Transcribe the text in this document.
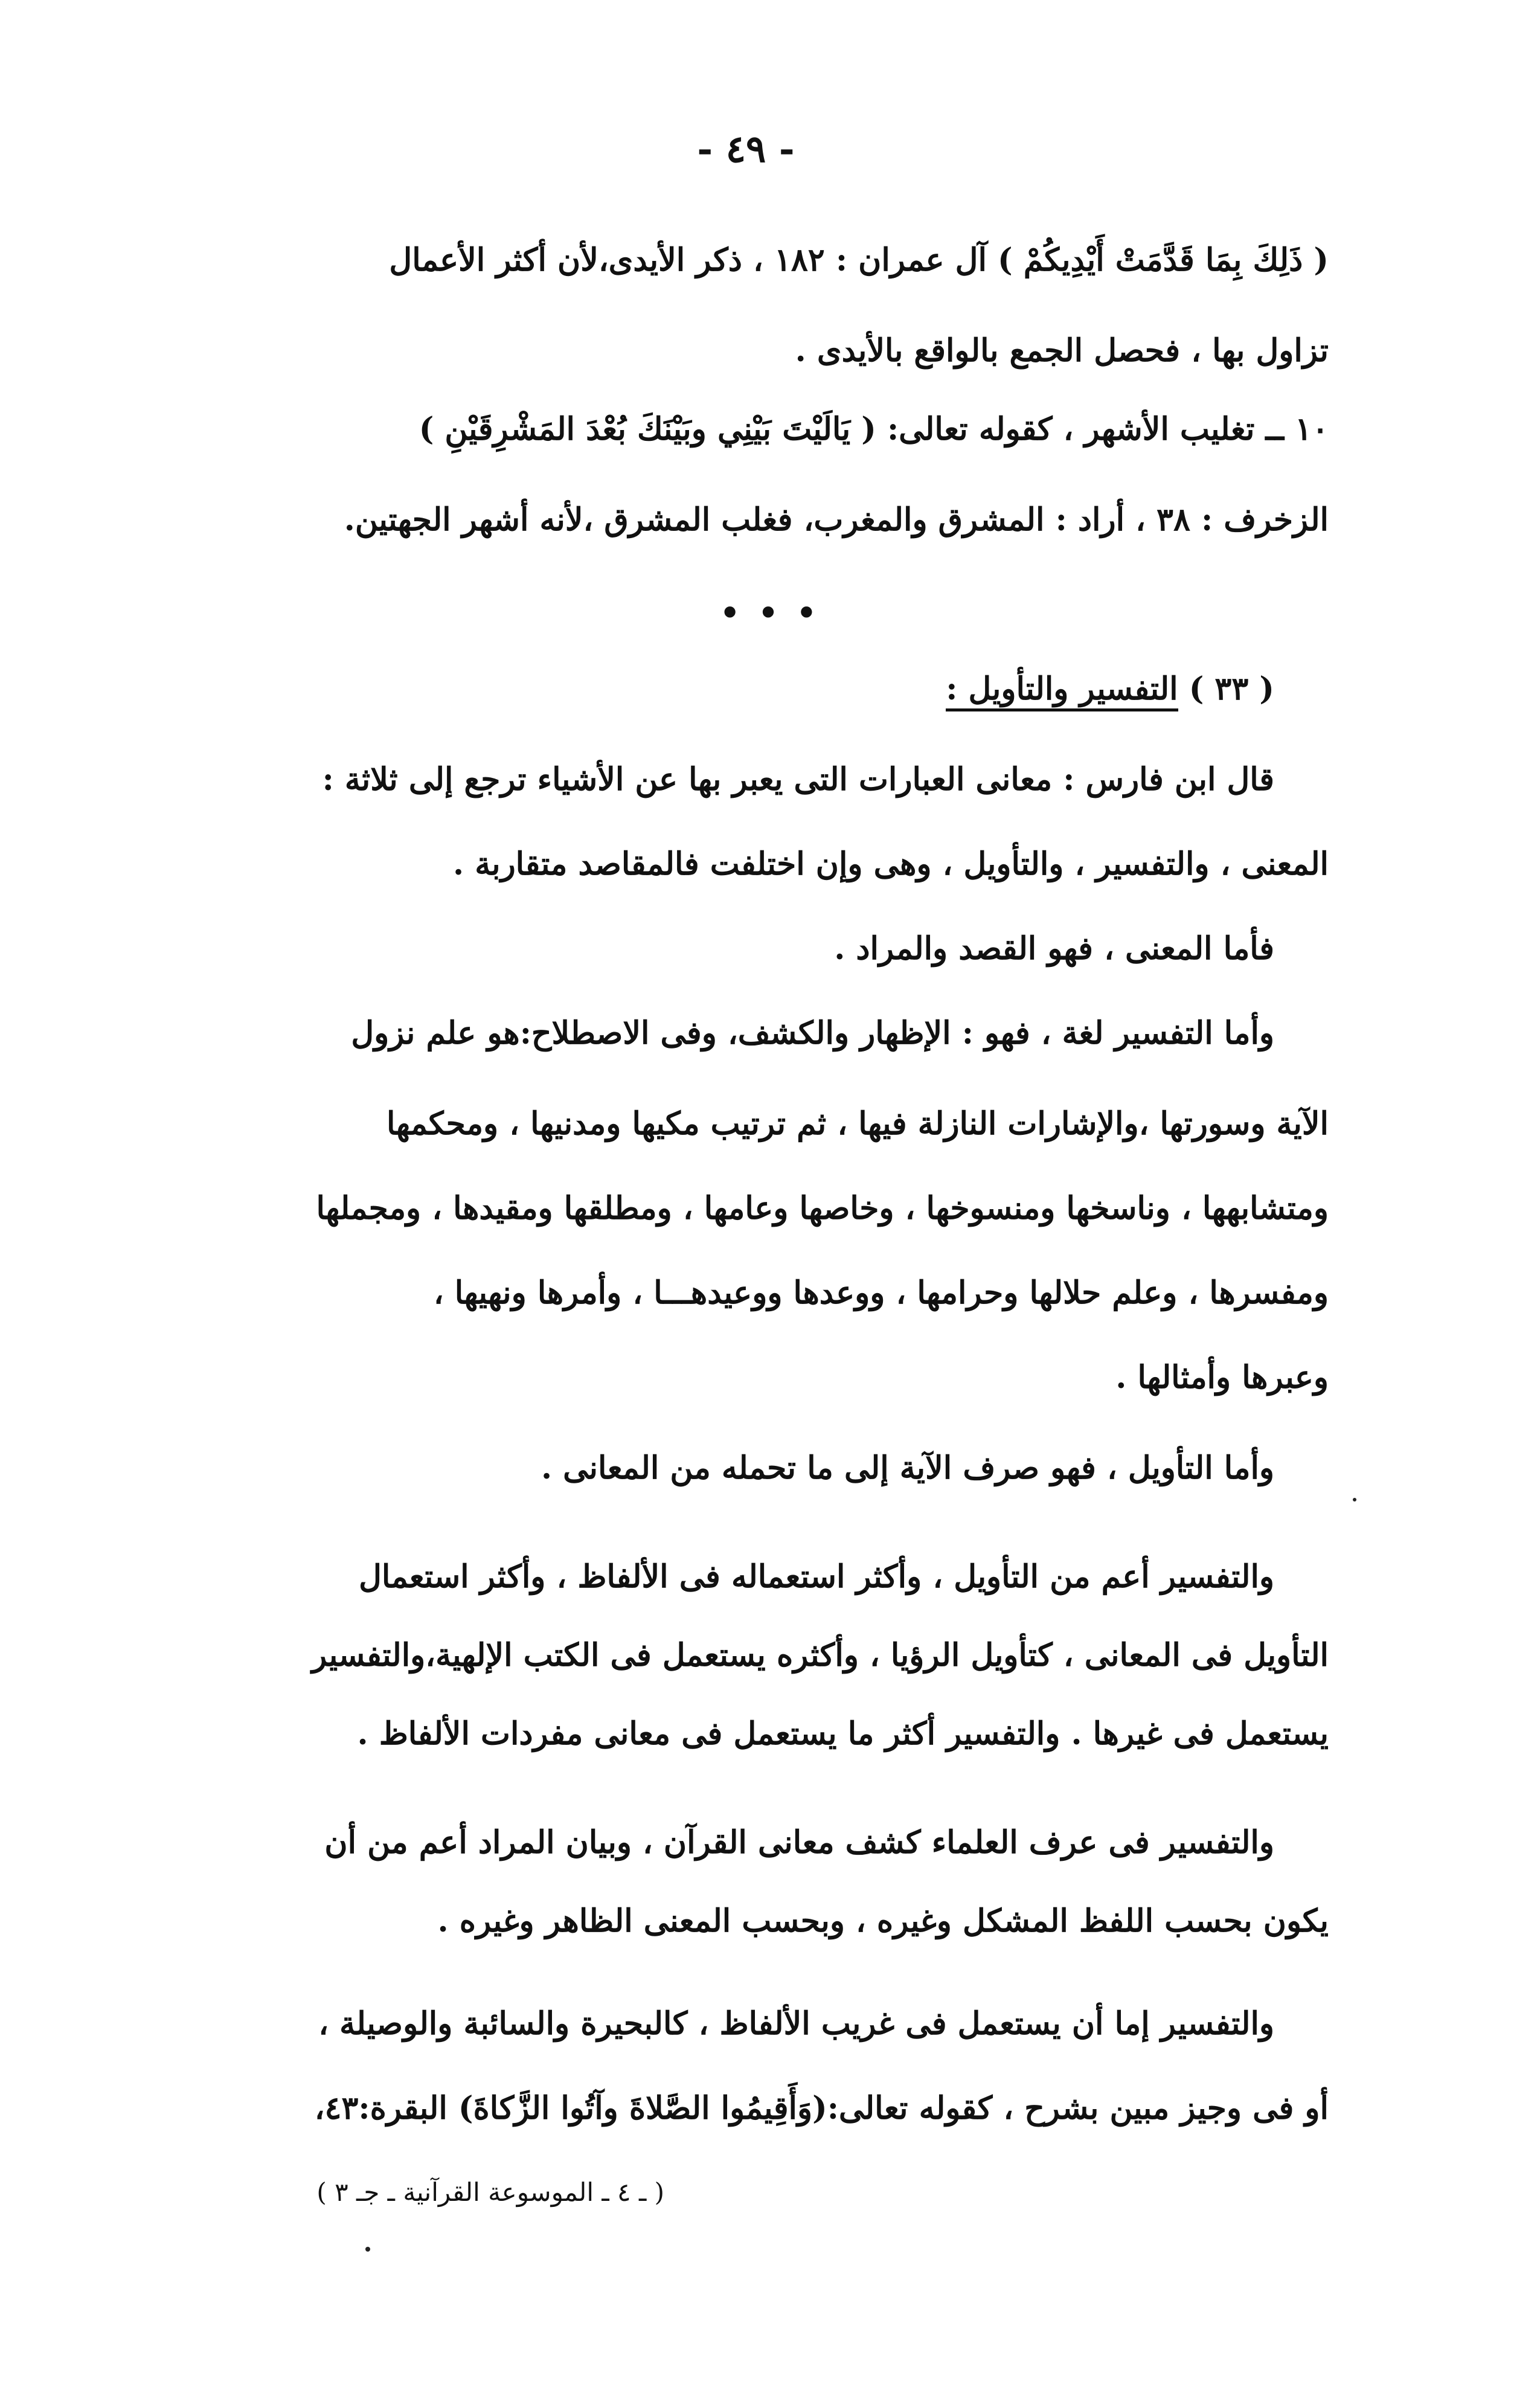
- ٤٩ -
( ذَلِكَ بِمَا قَدَّمَتْ أَيْدِيكُمْ ) آل عمران : ١٨٢ ، ذكر الأيدى،لأن أكثر الأعمال
تزاول بها ، فحصل الجمع بالواقع بالأيدى .
١٠ ــ تغليب الأشهر ، كقوله تعالى: ( يَالَيْتَ بَيْنِي وبَيْنَكَ بُعْدَ المَشْرِقَيْنِ )
الزخرف : ٣٨ ، أراد : المشرق والمغرب، فغلب المشرق ،لأنه أشهر الجهتين.
• • •
( ٣٣ ) التفسير والتأويل :
قال ابن فارس : معانى العبارات التى يعبر بها عن الأشياء ترجع إلى ثلاثة :
المعنى ، والتفسير ، والتأويل ، وهى وإن اختلفت فالمقاصد متقاربة .
فأما المعنى ، فهو القصد والمراد .
وأما التفسير لغة ، فهو : الإظهار والكشف، وفى الاصطلاح:هو علم نزول
الآية وسورتها ،والإشارات النازلة فيها ، ثم ترتيب مكيها ومدنيها ، ومحكمها
ومتشابهها ، وناسخها ومنسوخها ، وخاصها وعامها ، ومطلقها ومقيدها ، ومجملها
ومفسرها ، وعلم حلالها وحرامها ، ووعدها ووعيدهـــا ، وأمرها ونهيها ،
وعبرها وأمثالها .
وأما التأويل ، فهو صرف الآية إلى ما تحمله من المعانى .
والتفسير أعم من التأويل ، وأكثر استعماله فى الألفاظ ، وأكثر استعمال
التأويل فى المعانى ، كتأويل الرؤيا ، وأكثره يستعمل فى الكتب الإلهية،والتفسير
يستعمل فى غيرها . والتفسير أكثر ما يستعمل فى معانى مفردات الألفاظ .
والتفسير فى عرف العلماء كشف معانى القرآن ، وبيان المراد أعم من أن
يكون بحسب اللفظ المشكل وغيره ، وبحسب المعنى الظاهر وغيره .
والتفسير إما أن يستعمل فى غريب الألفاظ ، كالبحيرة والسائبة والوصيلة ،
أو فى وجيز مبين بشرح ، كقوله تعالى:(وَأَقِيمُوا الصَّلاةَ وآتُوا الزَّكاةَ) البقرة:٤٣،
( ـ ٤ ـ الموسوعة القرآنية ـ جـ ٣ )
